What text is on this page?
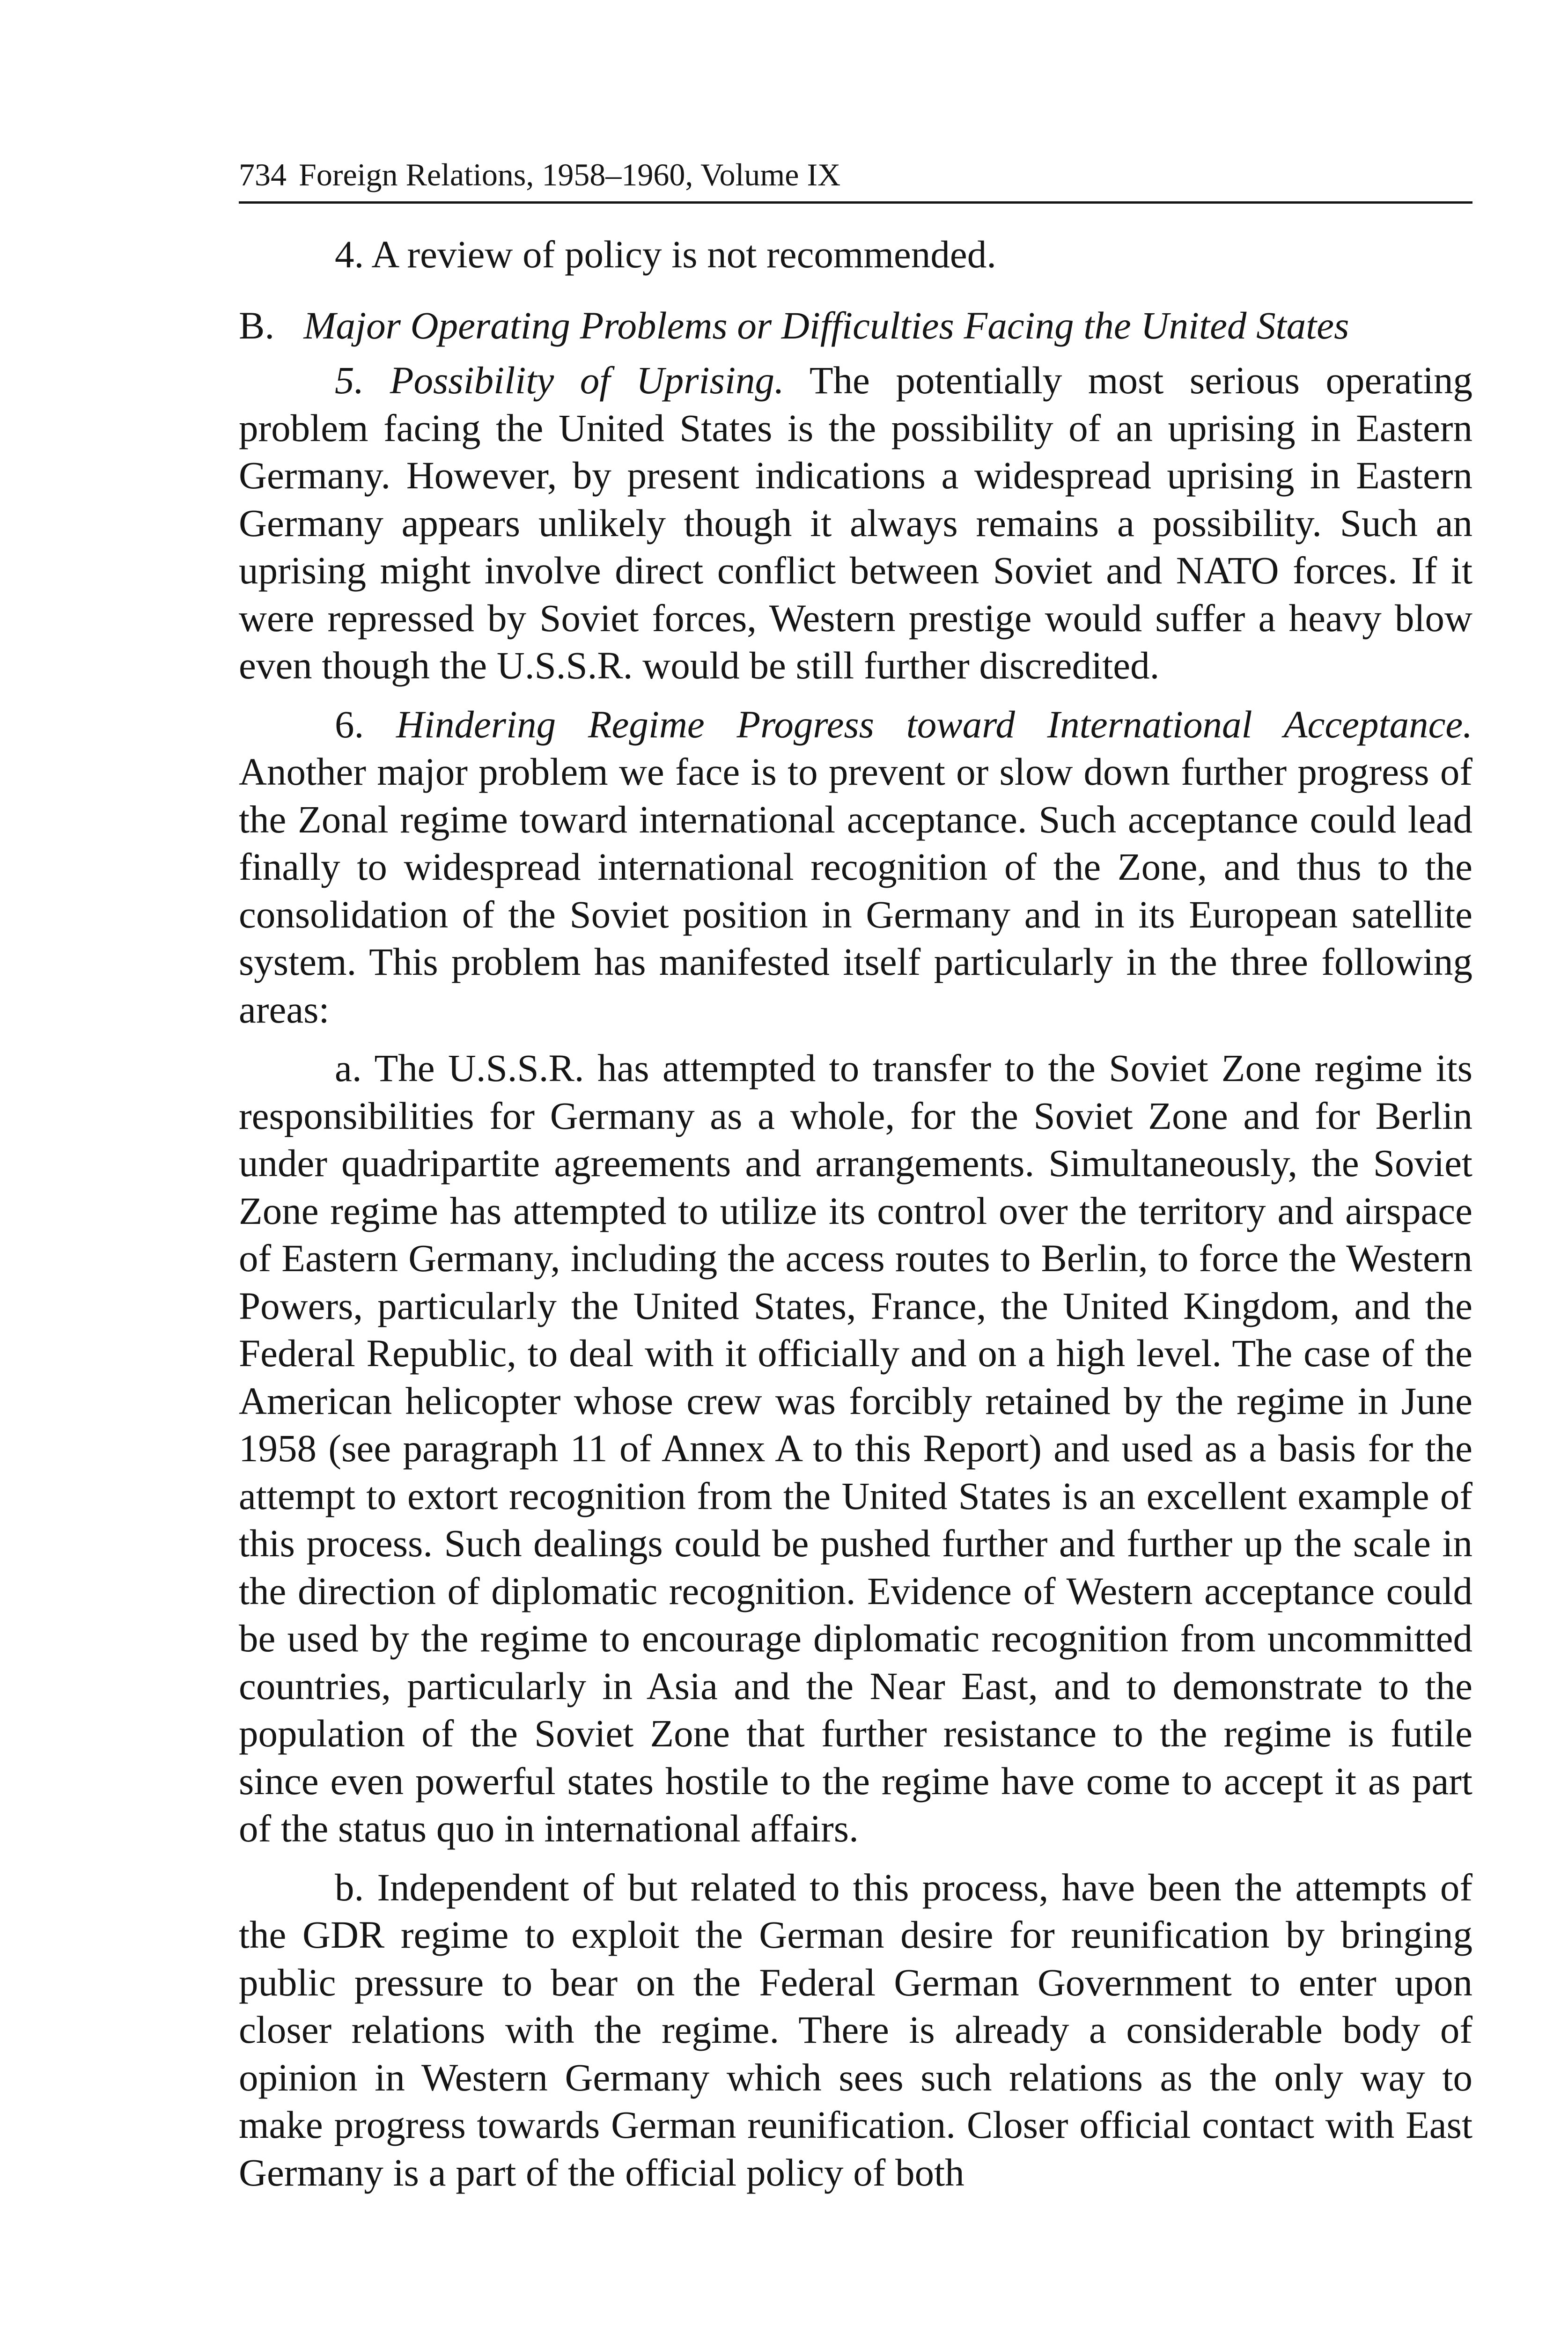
734 Foreign Relations, 1958–1960, Volume IX

4. A review of policy is not recommended.

B. Major Operating Problems or Difficulties Facing the United States

5. Possibility of Uprising. The potentially most serious operating problem facing the United States is the possibility of an uprising in Eastern Germany. However, by present indications a widespread uprising in Eastern Germany appears unlikely though it always remains a possibility. Such an uprising might involve direct conflict between Soviet and NATO forces. If it were repressed by Soviet forces, Western prestige would suffer a heavy blow even though the U.S.S.R. would be still further discredited.

6. Hindering Regime Progress toward International Acceptance. Another major problem we face is to prevent or slow down further progress of the Zonal regime toward international acceptance. Such acceptance could lead finally to widespread international recognition of the Zone, and thus to the consolidation of the Soviet position in Germany and in its European satellite system. This problem has manifested itself particularly in the three following areas:

a. The U.S.S.R. has attempted to transfer to the Soviet Zone regime its responsibilities for Germany as a whole, for the Soviet Zone and for Berlin under quadripartite agreements and arrangements. Simultaneously, the Soviet Zone regime has attempted to utilize its control over the territory and airspace of Eastern Germany, including the access routes to Berlin, to force the Western Powers, particularly the United States, France, the United Kingdom, and the Federal Republic, to deal with it officially and on a high level. The case of the American helicopter whose crew was forcibly retained by the regime in June 1958 (see paragraph 11 of Annex A to this Report) and used as a basis for the attempt to extort recognition from the United States is an excellent example of this process. Such dealings could be pushed further and further up the scale in the direction of diplomatic recognition. Evidence of Western acceptance could be used by the regime to encourage diplomatic recognition from uncommitted countries, particularly in Asia and the Near East, and to demonstrate to the population of the Soviet Zone that further resistance to the regime is futile since even powerful states hostile to the regime have come to accept it as part of the status quo in international affairs.

b. Independent of but related to this process, have been the attempts of the GDR regime to exploit the German desire for reunification by bringing public pressure to bear on the Federal German Government to enter upon closer relations with the regime. There is already a considerable body of opinion in Western Germany which sees such relations as the only way to make progress towards German reunification. Closer official contact with East Germany is a part of the official policy of both
